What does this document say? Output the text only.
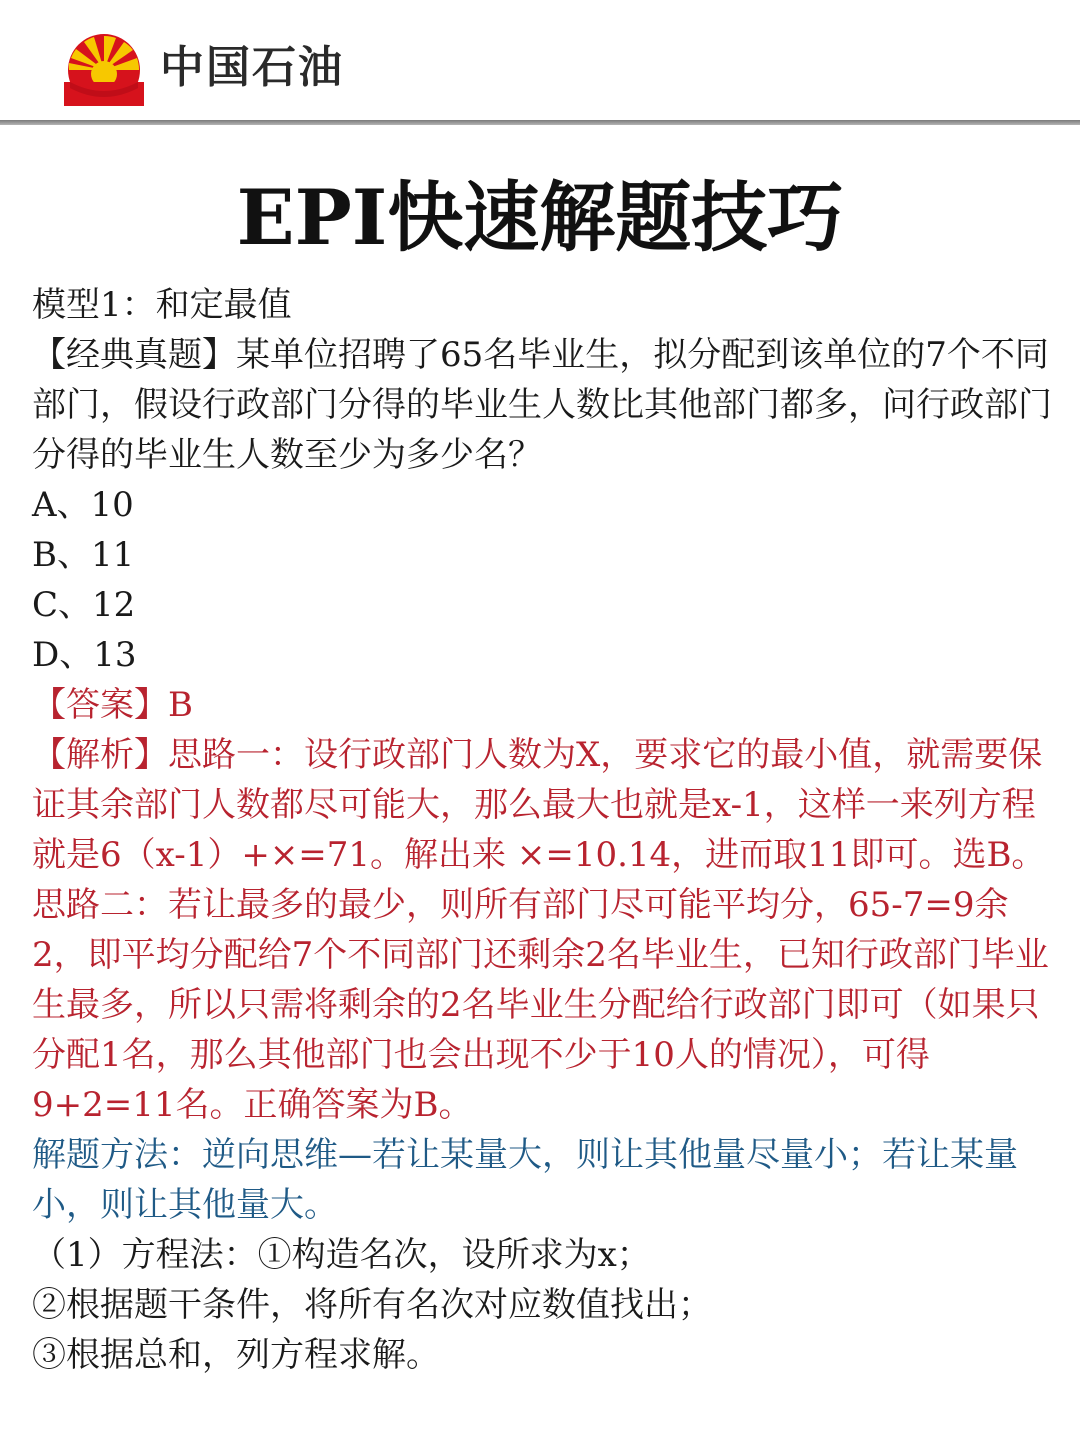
中国石油
EPI快速解题技巧

模型1：和定最值

【经典真题】某单位招聘了65名毕业生，拟分配到该单位的7个不同部门，假设行政部门分得的毕业生人数比其他部门都多，问行政部门分得的毕业生人数至少为多少名？

A、10

B、11

C、12

D、13

【答案】B

【解析】思路一：设行政部门人数为X，要求它的最小值，就需要保证其余部门人数都尽可能大，那么最大也就是x-1，这样一来列方程就是6（x-1）+×=71。解出来 ×=10.14，进而取11即可。选B。

思路二：若让最多的最少，则所有部门尽可能平均分，65-7=9余2，即平均分配给7个不同部门还剩余2名毕业生，已知行政部门毕业生最多，所以只需将剩余的2名毕业生分配给行政部门即可（如果只分配1名，那么其他部门也会出现不少于10人的情况），可得9+2=11名。正确答案为B。

解题方法：逆向思维—若让某量大，则让其他量尽量小；若让某量小，则让其他量大。

（1）方程法：①构造名次，设所求为x；

②根据题干条件，将所有名次对应数值找出；

③根据总和，列方程求解。
